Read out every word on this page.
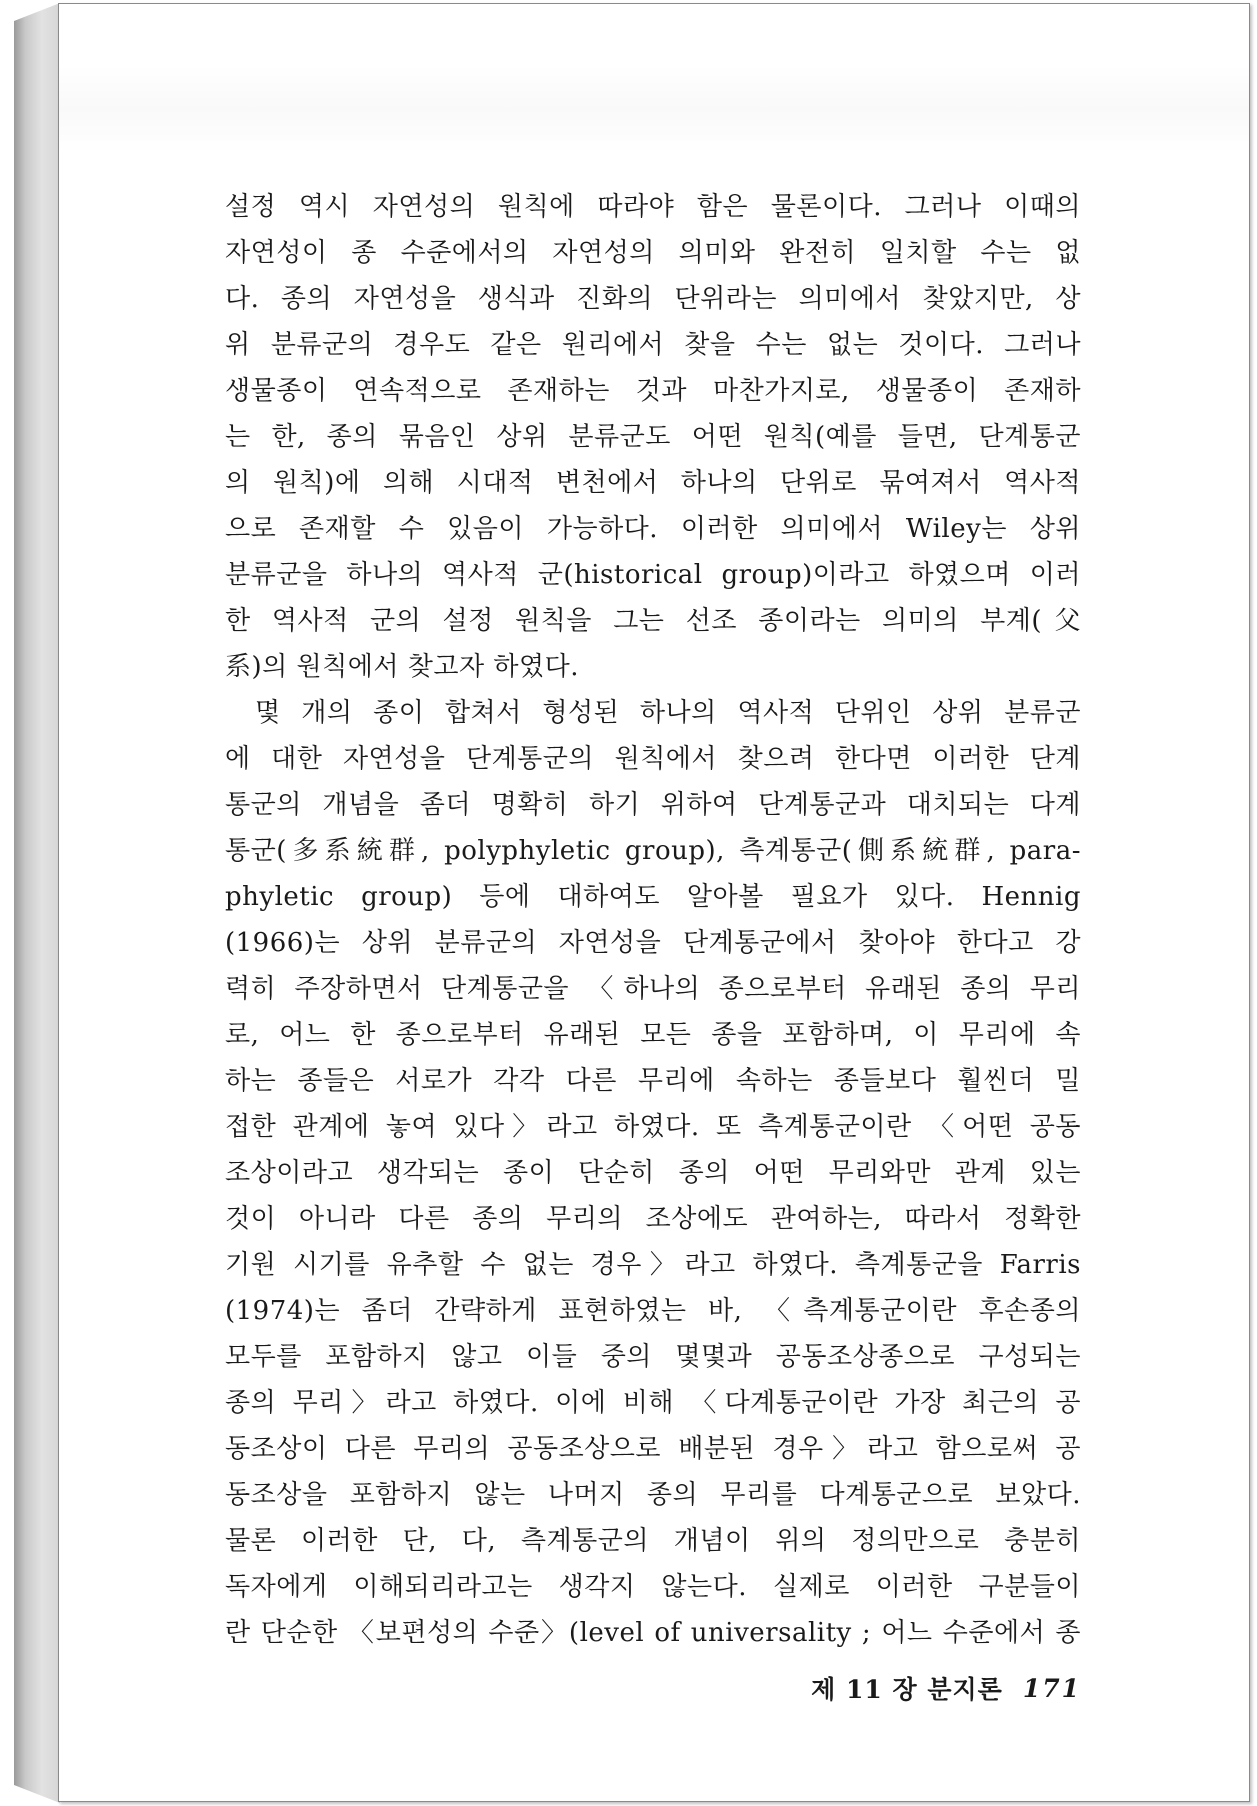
설정 역시 자연성의 원칙에 따라야 함은 물론이다. 그러나 이때의
자연성이 종 수준에서의 자연성의 의미와 완전히 일치할 수는 없
다. 종의 자연성을 생식과 진화의 단위라는 의미에서 찾았지만, 상
위 분류군의 경우도 같은 원리에서 찾을 수는 없는 것이다. 그러나
생물종이 연속적으로 존재하는 것과 마찬가지로, 생물종이 존재하
는 한, 종의 묶음인 상위 분류군도 어떤 원칙(예를 들면, 단계통군
의 원칙)에 의해 시대적 변천에서 하나의 단위로 묶여져서 역사적
으로 존재할 수 있음이 가능하다. 이러한 의미에서 Wiley는 상위
분류군을 하나의 역사적 군(historical group)이라고 하였으며 이러
한 역사적 군의 설정 원칙을 그는 선조 종이라는 의미의 부계(父
系)의 원칙에서 찾고자 하였다.
몇 개의 종이 합쳐서 형성된 하나의 역사적 단위인 상위 분류군
에 대한 자연성을 단계통군의 원칙에서 찾으려 한다면 이러한 단계
통군의 개념을 좀더 명확히 하기 위하여 단계통군과 대치되는 다계
통군(多系統群, polyphyletic group), 측계통군(側系統群, para-
phyletic group) 등에 대하여도 알아볼 필요가 있다. Hennig
(1966)는 상위 분류군의 자연성을 단계통군에서 찾아야 한다고 강
력히 주장하면서 단계통군을 〈하나의 종으로부터 유래된 종의 무리
로, 어느 한 종으로부터 유래된 모든 종을 포함하며, 이 무리에 속
하는 종들은 서로가 각각 다른 무리에 속하는 종들보다 훨씬더 밀
접한 관계에 놓여 있다〉라고 하였다. 또 측계통군이란 〈어떤 공동
조상이라고 생각되는 종이 단순히 종의 어떤 무리와만 관계 있는
것이 아니라 다른 종의 무리의 조상에도 관여하는, 따라서 정확한
기원 시기를 유추할 수 없는 경우〉라고 하였다. 측계통군을 Farris
(1974)는 좀더 간략하게 표현하였는 바, 〈측계통군이란 후손종의
모두를 포함하지 않고 이들 중의 몇몇과 공동조상종으로 구성되는
종의 무리〉라고 하였다. 이에 비해 〈다계통군이란 가장 최근의 공
동조상이 다른 무리의 공동조상으로 배분된 경우〉라고 함으로써 공
동조상을 포함하지 않는 나머지 종의 무리를 다계통군으로 보았다.
물론 이러한 단, 다, 측계통군의 개념이 위의 정의만으로 충분히
독자에게 이해되리라고는 생각지 않는다. 실제로 이러한 구분들이
란 단순한 〈보편성의 수준〉(level of universality ; 어느 수준에서 종
제 11 장 분지론 171
